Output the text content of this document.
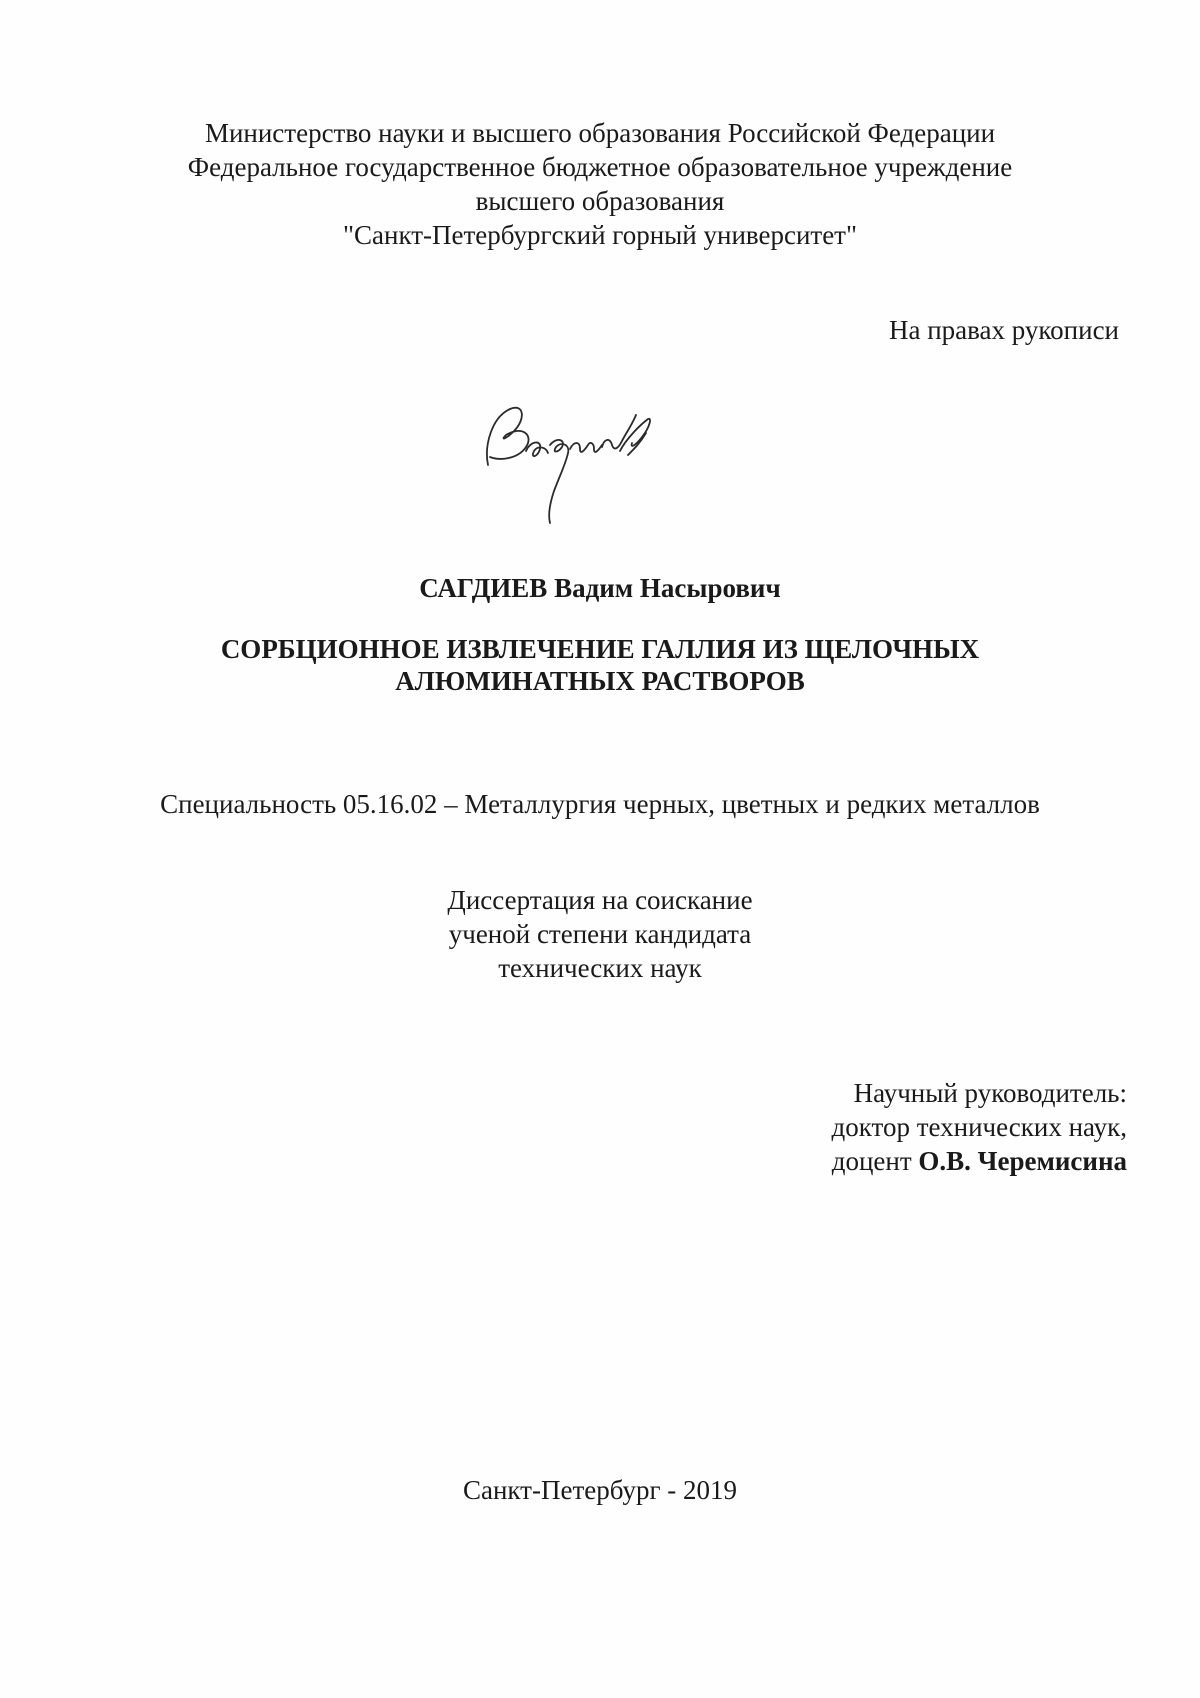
Министерство науки и высшего образования Российской Федерации
Федеральное государственное бюджетное образовательное учреждение
высшего образования
"Санкт-Петербургский горный университет"
На правах рукописи
САГДИЕВ Вадим Насырович
СОРБЦИОННОЕ ИЗВЛЕЧЕНИЕ ГАЛЛИЯ ИЗ ЩЕЛОЧНЫХ
АЛЮМИНАТНЫХ РАСТВОРОВ
Специальность 05.16.02 – Металлургия черных, цветных и редких металлов
Диссертация на соискание
ученой степени кандидата
технических наук
Научный руководитель:
доктор технических наук,
доцент О.В. Черемисина
Санкт-Петербург - 2019
